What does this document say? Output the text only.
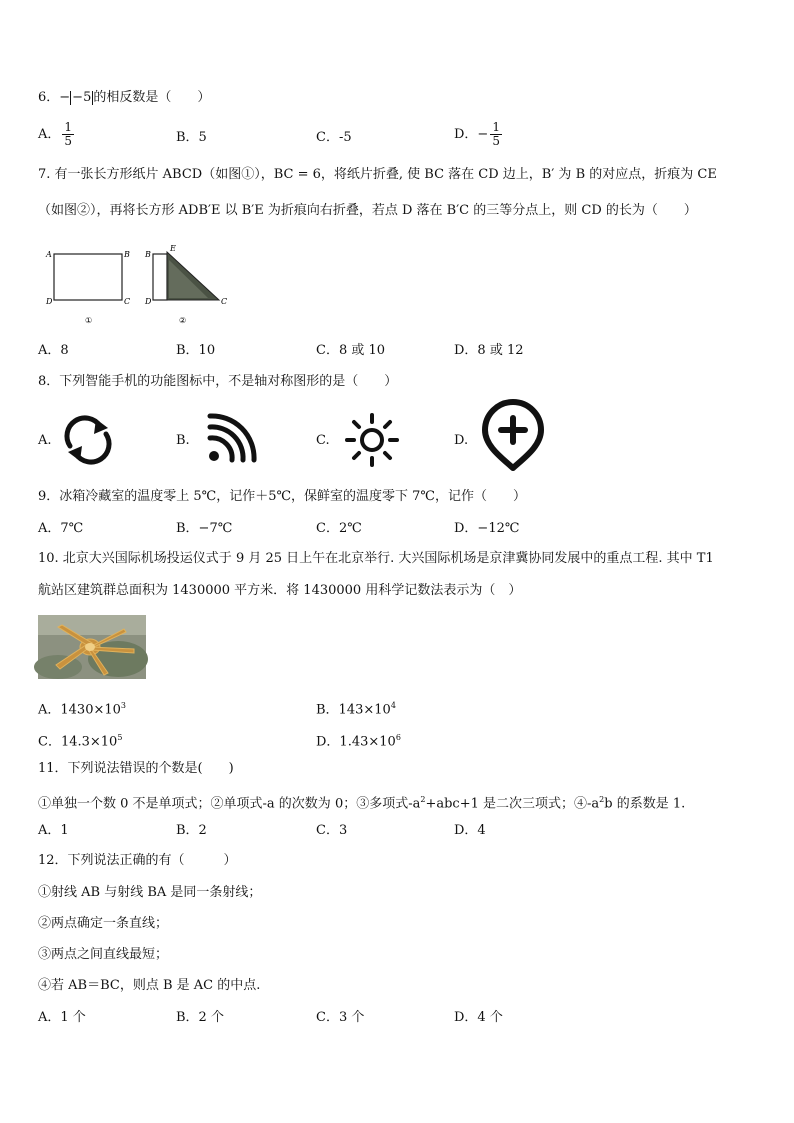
6．− −5 的相反数是（　　）
A． $\frac{1}{5}$	B．5	C．-5	D．− $\frac{1}{5}$
7. 有一张长方形纸片 ABCD（如图①），BC = 6，将纸片折叠, 使 BC 落在 CD 边上，B′ 为 B 的对应点，折痕为 CE
（如图②），再将长方形 ADB′E 以 B′E 为折痕向右折叠，若点 D 落在 B′C 的三等分点上，则 CD 的长为（　　）
A	B
D	C
①
E
B
D	C
②
A．8	B．10	C．8 或 10	D．8 或 12
8．下列智能手机的功能图标中，不是轴对称图形的是（　　）
A.	B.	C.	D.
9．冰箱冷藏室的温度零上 5℃，记作＋5℃，保鲜室的温度零下 7℃，记作（　　）
A．7℃	B．−7℃	C．2℃	D．−12℃
10. 北京大兴国际机场投运仪式于 9 月 25 日上午在北京举行. 大兴国际机场是京津冀协同发展中的重点工程. 其中 T1
航站区建筑群总面积为 1430000 平方米．将 1430000 用科学记数法表示为（　）
A．$1430\times 10^3$	B．$143\times 10^4$
C．$14.3\times 10^5$	D．$1.43\times 10^6$
11．下列说法错误的个数是(　　)
①单独一个数 0 不是单项式；②单项式-a 的次数为 0；③多项式$-a^2+abc+1$ 是二次三项式；$④-a^2b$ 的系数是 1.
A．1	B．2	C．3	D．4
12．下列说法正确的有（　　　）
①射线 AB 与射线 BA 是同一条射线；
②两点确定一条直线；
③两点之间直线最短；
④若 AB＝BC，则点 B 是 AC 的中点.
A．1 个	B．2 个	C．3 个	D．4 个
